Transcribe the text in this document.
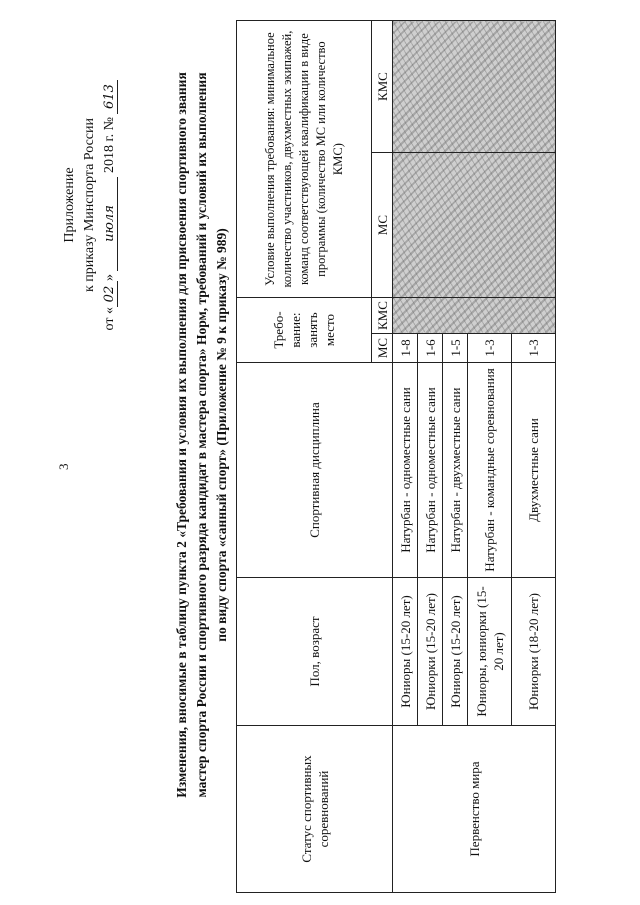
3
Приложение к приказу Минспорта России
от «02» июля 2018 г. № 613	Изменения, вносимые в таблицу пункта 2 «Требования и условия их выполнения для присвоения спортивного звания мастер спорта России и спортивного разряда кандидат в мастера спорта» Норм, требований и условий их выполнения по виду спорта «санный спорт» (Приложение № 9 к приказу № 989)
Статус спортивных соревнований	Пол, возраст	Спортивная дисциплина	Требо-вание: занять место		Условие выполнения требования: минимальное количество участников, двухместных экипажей, команд соответствующей квалификации в виде программы (количество МС или количество КМС)	
			МС	КМС	МС	КМС
Первенство мира	Юниоры (15-20 лет)	Натурбан - одноместные сани	1-8			
	Юниорки (15-20 лет)	Натурбан - одноместные сани	1-6			
	Юниоры (15-20 лет)	Натурбан - двухместные сани	1-5			
	Юниоры, юниорки (15-20 лет)	Натурбан - командные соревнования	1-3			
	Юниорки (18-20 лет)	Двухместные сани	1-3			
